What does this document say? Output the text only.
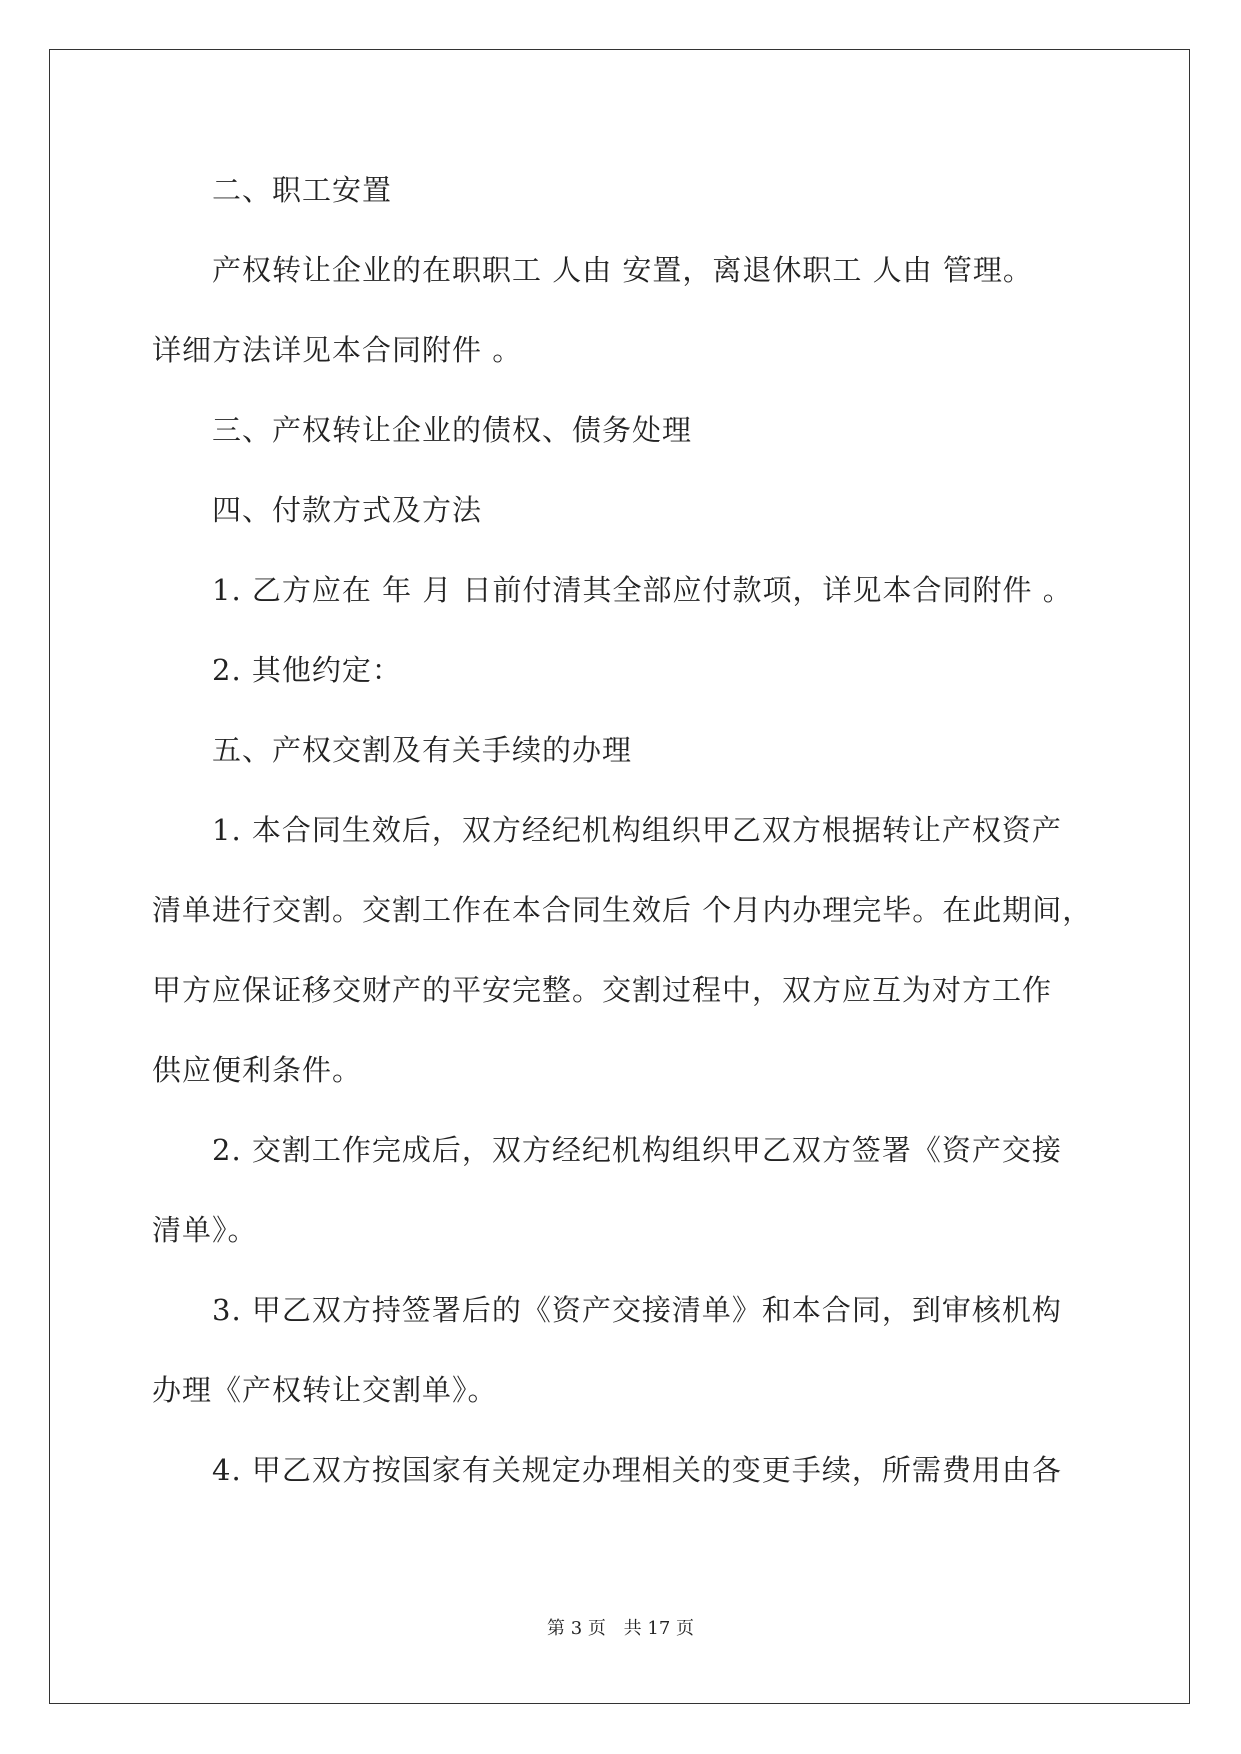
二、职工安置
产权转让企业的在职职工 人由 安置，离退休职工 人由 管理。
详细方法详见本合同附件 。
三、产权转让企业的债权、债务处理
四、付款方式及方法
1. 乙方应在 年 月 日前付清其全部应付款项，详见本合同附件 。
2. 其他约定：
五、产权交割及有关手续的办理
1. 本合同生效后，双方经纪机构组织甲乙双方根据转让产权资产
清单进行交割。交割工作在本合同生效后 个月内办理完毕。在此期间，
甲方应保证移交财产的平安完整。交割过程中，双方应互为对方工作
供应便利条件。
2. 交割工作完成后，双方经纪机构组织甲乙双方签署《资产交接
清单》。
3. 甲乙双方持签署后的《资产交接清单》和本合同，到审核机构
办理《产权转让交割单》。
4. 甲乙双方按国家有关规定办理相关的变更手续，所需费用由各
第 3 页 共 17 页
